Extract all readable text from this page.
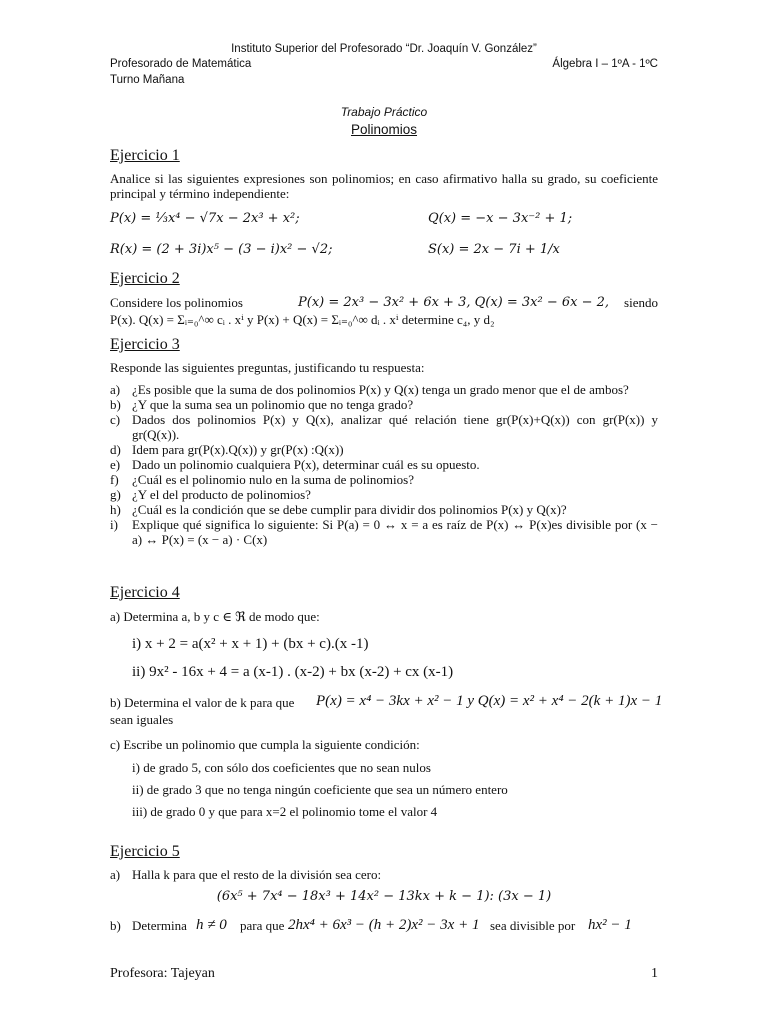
Instituto Superior del Profesorado “Dr. Joaquín V. González”
Profesorado de Matemática	Álgebra I – 1ºA - 1ºC
Turno Mañana
Trabajo Práctico
Polinomios
Ejercicio 1
Analice si las siguientes expresiones son polinomios; en caso afirmativo halla su grado, su coeficiente principal y término independiente:
P(x) = ⅓x⁴ − √7x − 2x³ + x²;	Q(x) = −x − 3x⁻² + 1;
R(x) = (2 + 3i)x⁵ − (3 − i)x² − √2;	S(x) = 2x − 7i + 1/x
Ejercicio 2
Considere los polinomios	P(x) = 2x³ − 3x² + 6x + 3, Q(x) = 3x² − 6x − 2, siendo
P(x). Q(x) = Σᵢ₌₀^∞ cᵢ . xⁱ y P(x) + Q(x) = Σᵢ₌₀^∞ dᵢ . xⁱ determine c₄, y d₂
Ejercicio 3
Responde las siguientes preguntas, justificando tu respuesta:
a) ¿Es posible que la suma de dos polinomios P(x) y Q(x) tenga un grado menor que el de ambos?
b) ¿Y que la suma sea un polinomio que no tenga grado?
c) Dados dos polinomios P(x) y Q(x), analizar qué relación tiene gr(P(x)+Q(x)) con gr(P(x)) y gr(Q(x)).
d) Idem para gr(P(x).Q(x)) y gr(P(x) :Q(x))
e) Dado un polinomio cualquiera P(x), determinar cuál es su opuesto.
f)	¿Cuál es el polinomio nulo en la suma de polinomios?
g) ¿Y el del producto de polinomios?
h) ¿Cuál es la condición que se debe cumplir para dividir dos polinomios P(x) y Q(x)?
i)	Explique qué significa lo siguiente: Si P(a) = 0 ↔ x = a es raíz de P(x) ↔ P(x)es divisible por (x − a) ↔ P(x) = (x − a) · C(x)
Ejercicio 4
a) Determina a, b y c ∈ ℜ de modo que:
i) x + 2 = a(x² + x + 1) + (bx + c).(x -1)
ii) 9x² - 16x + 4 = a (x-1) . (x-2) + bx (x-2) + cx (x-1)
b) Determina el valor de k para que P(x) = x⁴ − 3kx + x² − 1 y Q(x) = x² + x⁴ − 2(k + 1)x − 1
sean iguales
c) Escribe un polinomio que cumpla la siguiente condición:
i) de grado 5, con sólo dos coeficientes que no sean nulos
ii) de grado 3 que no tenga ningún coeficiente que sea un número entero
iii) de grado 0 y que para x=2 el polinomio tome el valor 4
Ejercicio 5
a) Halla k para que el resto de la división sea cero:
(6x⁵ + 7x⁴ − 18x³ + 14x² − 13kx + k − 1): (3x − 1)
b) Determina h ≠ 0 para que 2hx⁴ + 6x³ − (h + 2)x² − 3x + 1 sea divisible por hx² − 1
Profesora: Tajeyan	1
